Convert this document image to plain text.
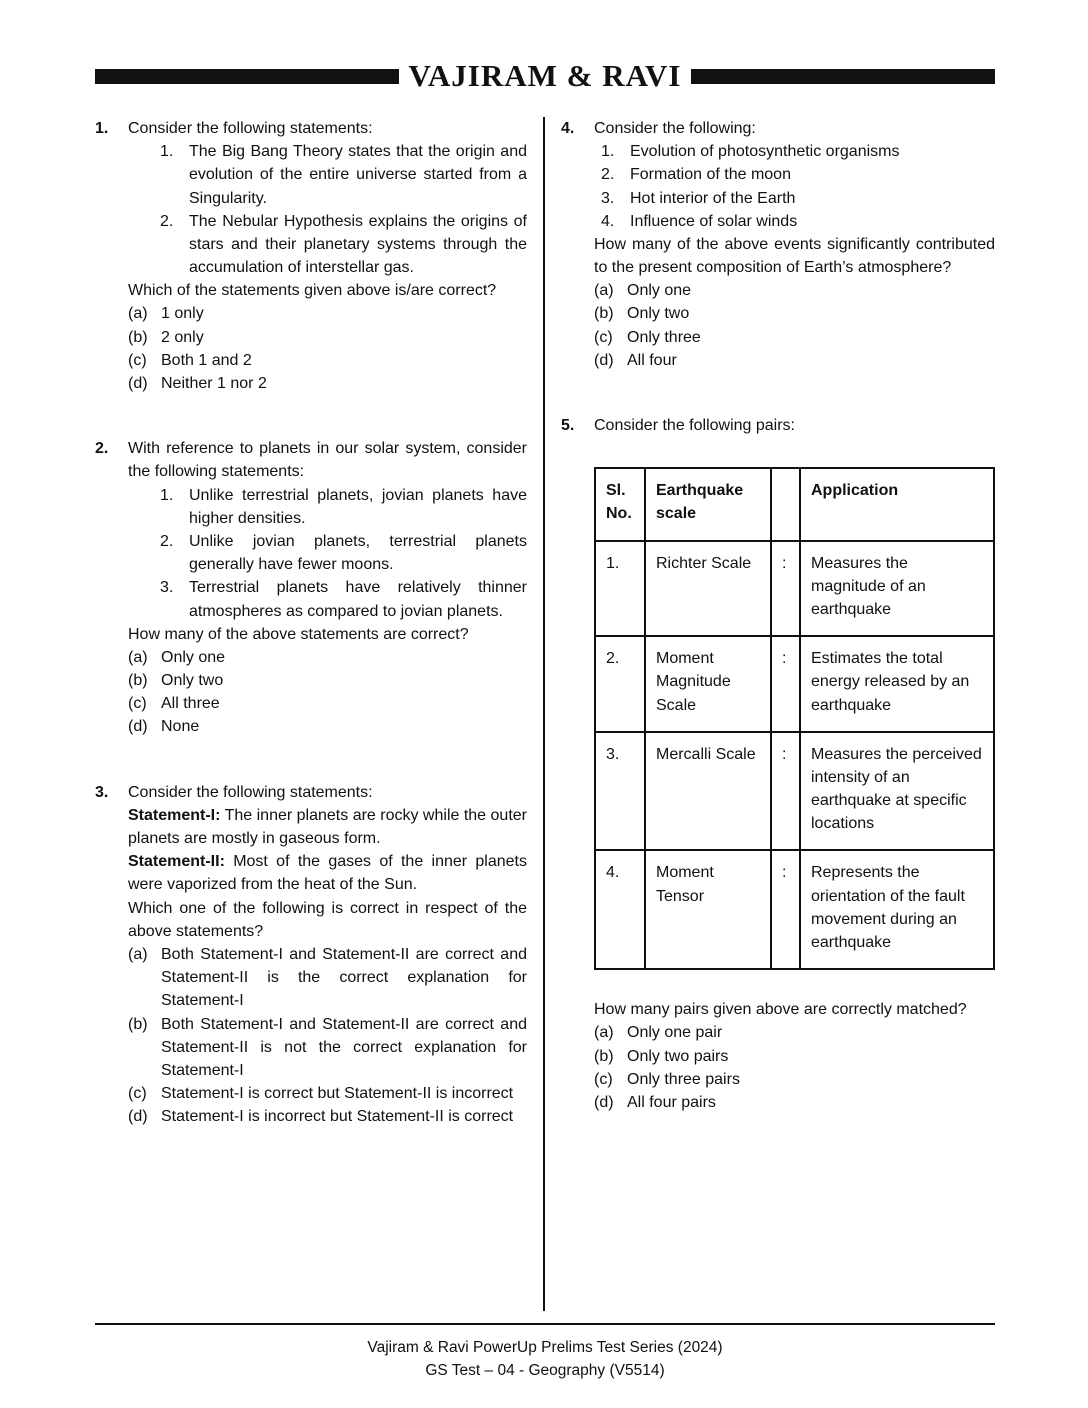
VAJIRAM & RAVI
1.	Consider the following statements:

1. The Big Bang Theory states that the origin and evolution of the entire universe started from a Singularity.
2. The Nebular Hypothesis explains the origins of stars and their planetary systems through the accumulation of interstellar gas.

Which of the statements given above is/are correct?

(a) 1 only
(b) 2 only
(c) Both 1 and 2
(d) Neither 1 nor 2
2.	With reference to planets in our solar system, consider the following statements:

1. Unlike terrestrial planets, jovian planets have higher densities.
2. Unlike jovian planets, terrestrial planets generally have fewer moons.
3. Terrestrial planets have relatively thinner atmospheres as compared to jovian planets.

How many of the above statements are correct?

(a) Only one
(b) Only two
(c) All three
(d) None
3.	Consider the following statements:

Statement-I: The inner planets are rocky while the outer planets are mostly in gaseous form.

Statement-II: Most of the gases of the inner planets were vaporized from the heat of the Sun.

Which one of the following is correct in respect of the above statements?

(a) Both Statement-I and Statement-II are correct and Statement-II is the correct explanation for Statement-I
(b) Both Statement-I and Statement-II are correct and Statement-II is not the correct explanation for Statement-I
(c) Statement-I is correct but Statement-II is incorrect
(d) Statement-I is incorrect but Statement-II is correct
4.	Consider the following:

1. Evolution of photosynthetic organisms
2. Formation of the moon
3. Hot interior of the Earth
4. Influence of solar winds

How many of the above events significantly contributed to the present composition of Earth’s atmosphere?

(a) Only one
(b) Only two
(c) Only three
(d) All four
5.	Consider the following pairs:

Sl. No.	Earthquake scale		Application
1.	Richter Scale	:	Measures the magnitude of an earthquake
2.	Moment Magnitude Scale	:	Estimates the total energy released by an earthquake
3.	Mercalli Scale	:	Measures the perceived intensity of an earthquake at specific locations
4.	Moment Tensor	:	Represents the orientation of the fault movement during an earthquake

How many pairs given above are correctly matched?

(a) Only one pair
(b) Only two pairs
(c) Only three pairs
(d) All four pairs
Vajiram & Ravi PowerUp Prelims Test Series (2024)
GS Test – 04 - Geography (V5514)
